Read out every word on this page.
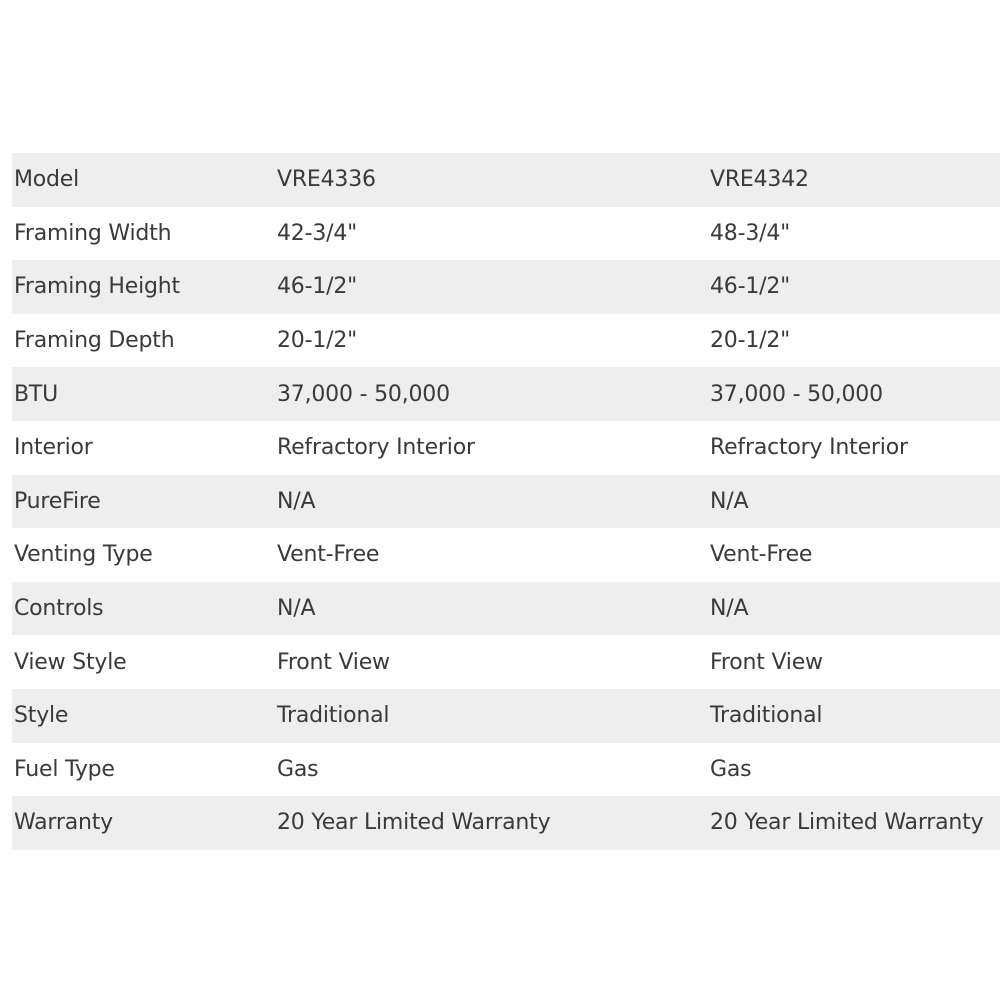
Model	VRE4336	VRE4342
Framing Width	42-3/4"	48-3/4"
Framing Height	46-1/2"	46-1/2"
Framing Depth	20-1/2"	20-1/2"
BTU	37,000 - 50,000	37,000 - 50,000
Interior	Refractory Interior	Refractory Interior
PureFire	N/A	N/A
Venting Type	Vent-Free	Vent-Free
Controls	N/A	N/A
View Style	Front View	Front View
Style	Traditional	Traditional
Fuel Type	Gas	Gas
Warranty	20 Year Limited Warranty	20 Year Limited Warranty
